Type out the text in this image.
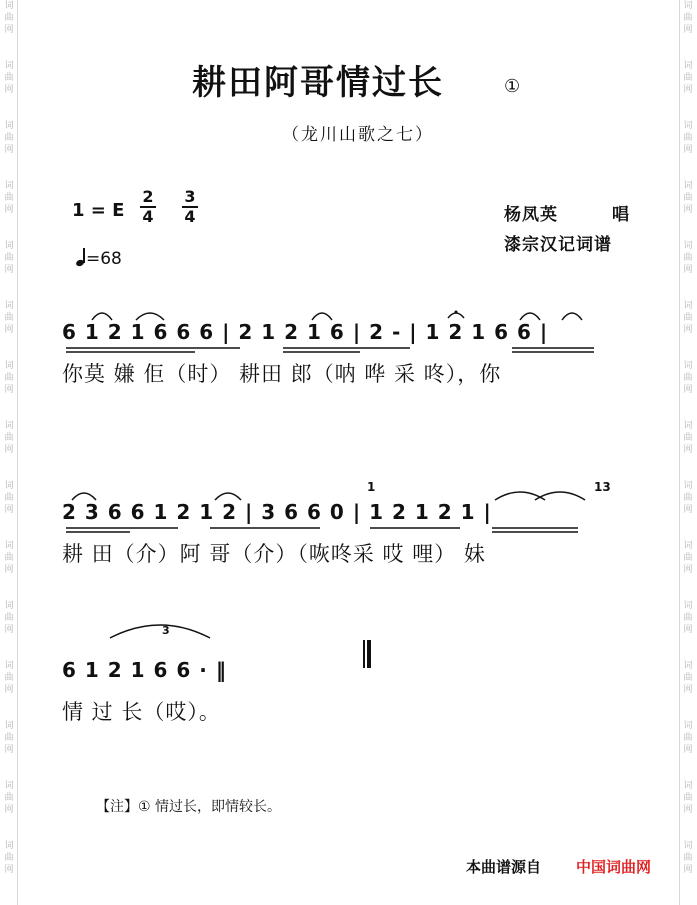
词
曲
网
词
曲
网
词
曲
网
词
曲
网
词
曲
网
词
曲
网
词
曲
网
词
曲
网
词
曲
网
词
曲
网
词
曲
网
词
曲
网
词
曲
网
词
曲
网
词
曲
网
词
曲
网
词
曲
网
词
曲
网
词
曲
网
词
曲
网
词
曲
网
词
曲
网
词
曲
网
词
曲
网
词
曲
网
词
曲
网
词
曲
网
词
曲
网
词
曲
网
词
曲
网
耕田阿哥情过长	①
（龙川山歌之七）
1 = E $\frac{2}{4} \frac{3}{4}$
=68
杨凤英	唱
漆宗汉记词谱
6 1 2 1 6 6 6 | 2 1 2 1 6 | 2 - | 1 2 1 6 6 |
你莫 嫌 佢（时） 耕田 郎（呐 哗 采 咚），你
2 3 6 6 1 2 1 2 | 3 6 6 0 | 1 2 1 2 1 |
1	13
耕 田（介）阿 哥（介）（咴咚采 哎 哩） 妹
6 1 2 1 6 6 · ‖
3
情 过 长（哎）。
【注】① 情过长，即情较长。
本曲谱源自 中国词曲网
